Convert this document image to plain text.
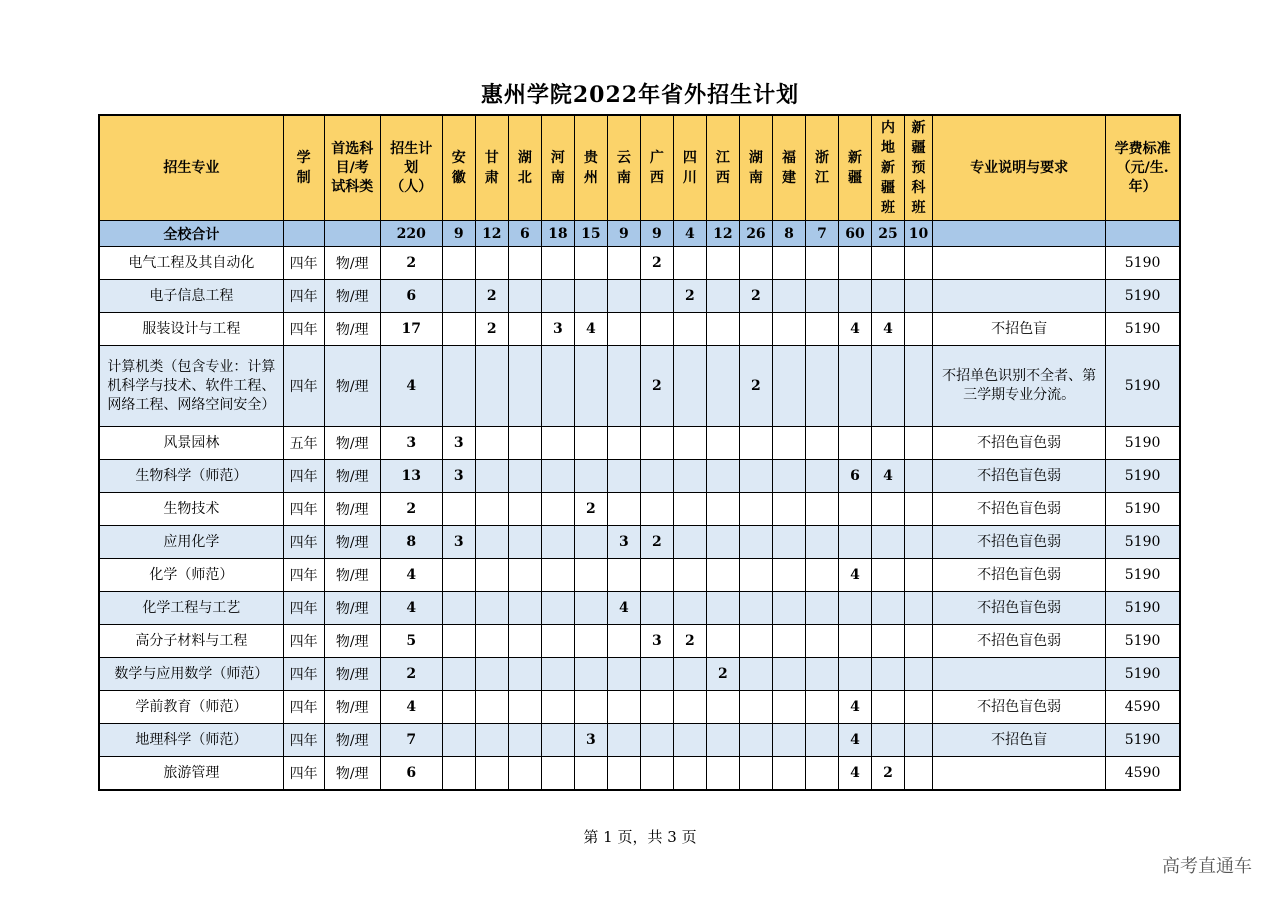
惠州学院2022年省外招生计划
招生专业	学制	首选科目/考试科类	招生计划（人）	安徽	甘肃	湖北	河南	贵州	云南	广西	四川	江西	湖南	福建	浙江	新疆	内地新疆班	新疆预科班	专业说明与要求	学费标准（元/生.年）

全校合计			220	9	12	6	18	15	9	9	4	12	26	8	7	60	25	10		
电气工程及其自动化	四年	物/理	2							2										5190
电子信息工程	四年	物/理	6		2						2		2							5190
服装设计与工程	四年	物/理	17		2		3	4								4	4		不招色盲	5190
计算机类（包含专业：计算机科学与技术、软件工程、网络工程、网络空间安全）	四年	物/理	4							2			2						不招单色识别不全者、第三学期专业分流。	5190
风景园林	五年	物/理	3	3															不招色盲色弱	5190
生物科学（师范）	四年	物/理	13	3												6	4		不招色盲色弱	5190
生物技术	四年	物/理	2					2											不招色盲色弱	5190
应用化学	四年	物/理	8	3					3	2									不招色盲色弱	5190
化学（师范）	四年	物/理	4													4			不招色盲色弱	5190
化学工程与工艺	四年	物/理	4						4										不招色盲色弱	5190
高分子材料与工程	四年	物/理	5							3	2								不招色盲色弱	5190
数学与应用数学（师范）	四年	物/理	2									2								5190
学前教育（师范）	四年	物/理	4													4			不招色盲色弱	4590
地理科学（师范）	四年	物/理	7					3								4			不招色盲	5190
旅游管理	四年	物/理	6													4	2			4590
第 1 页，共 3 页
高考直通车
